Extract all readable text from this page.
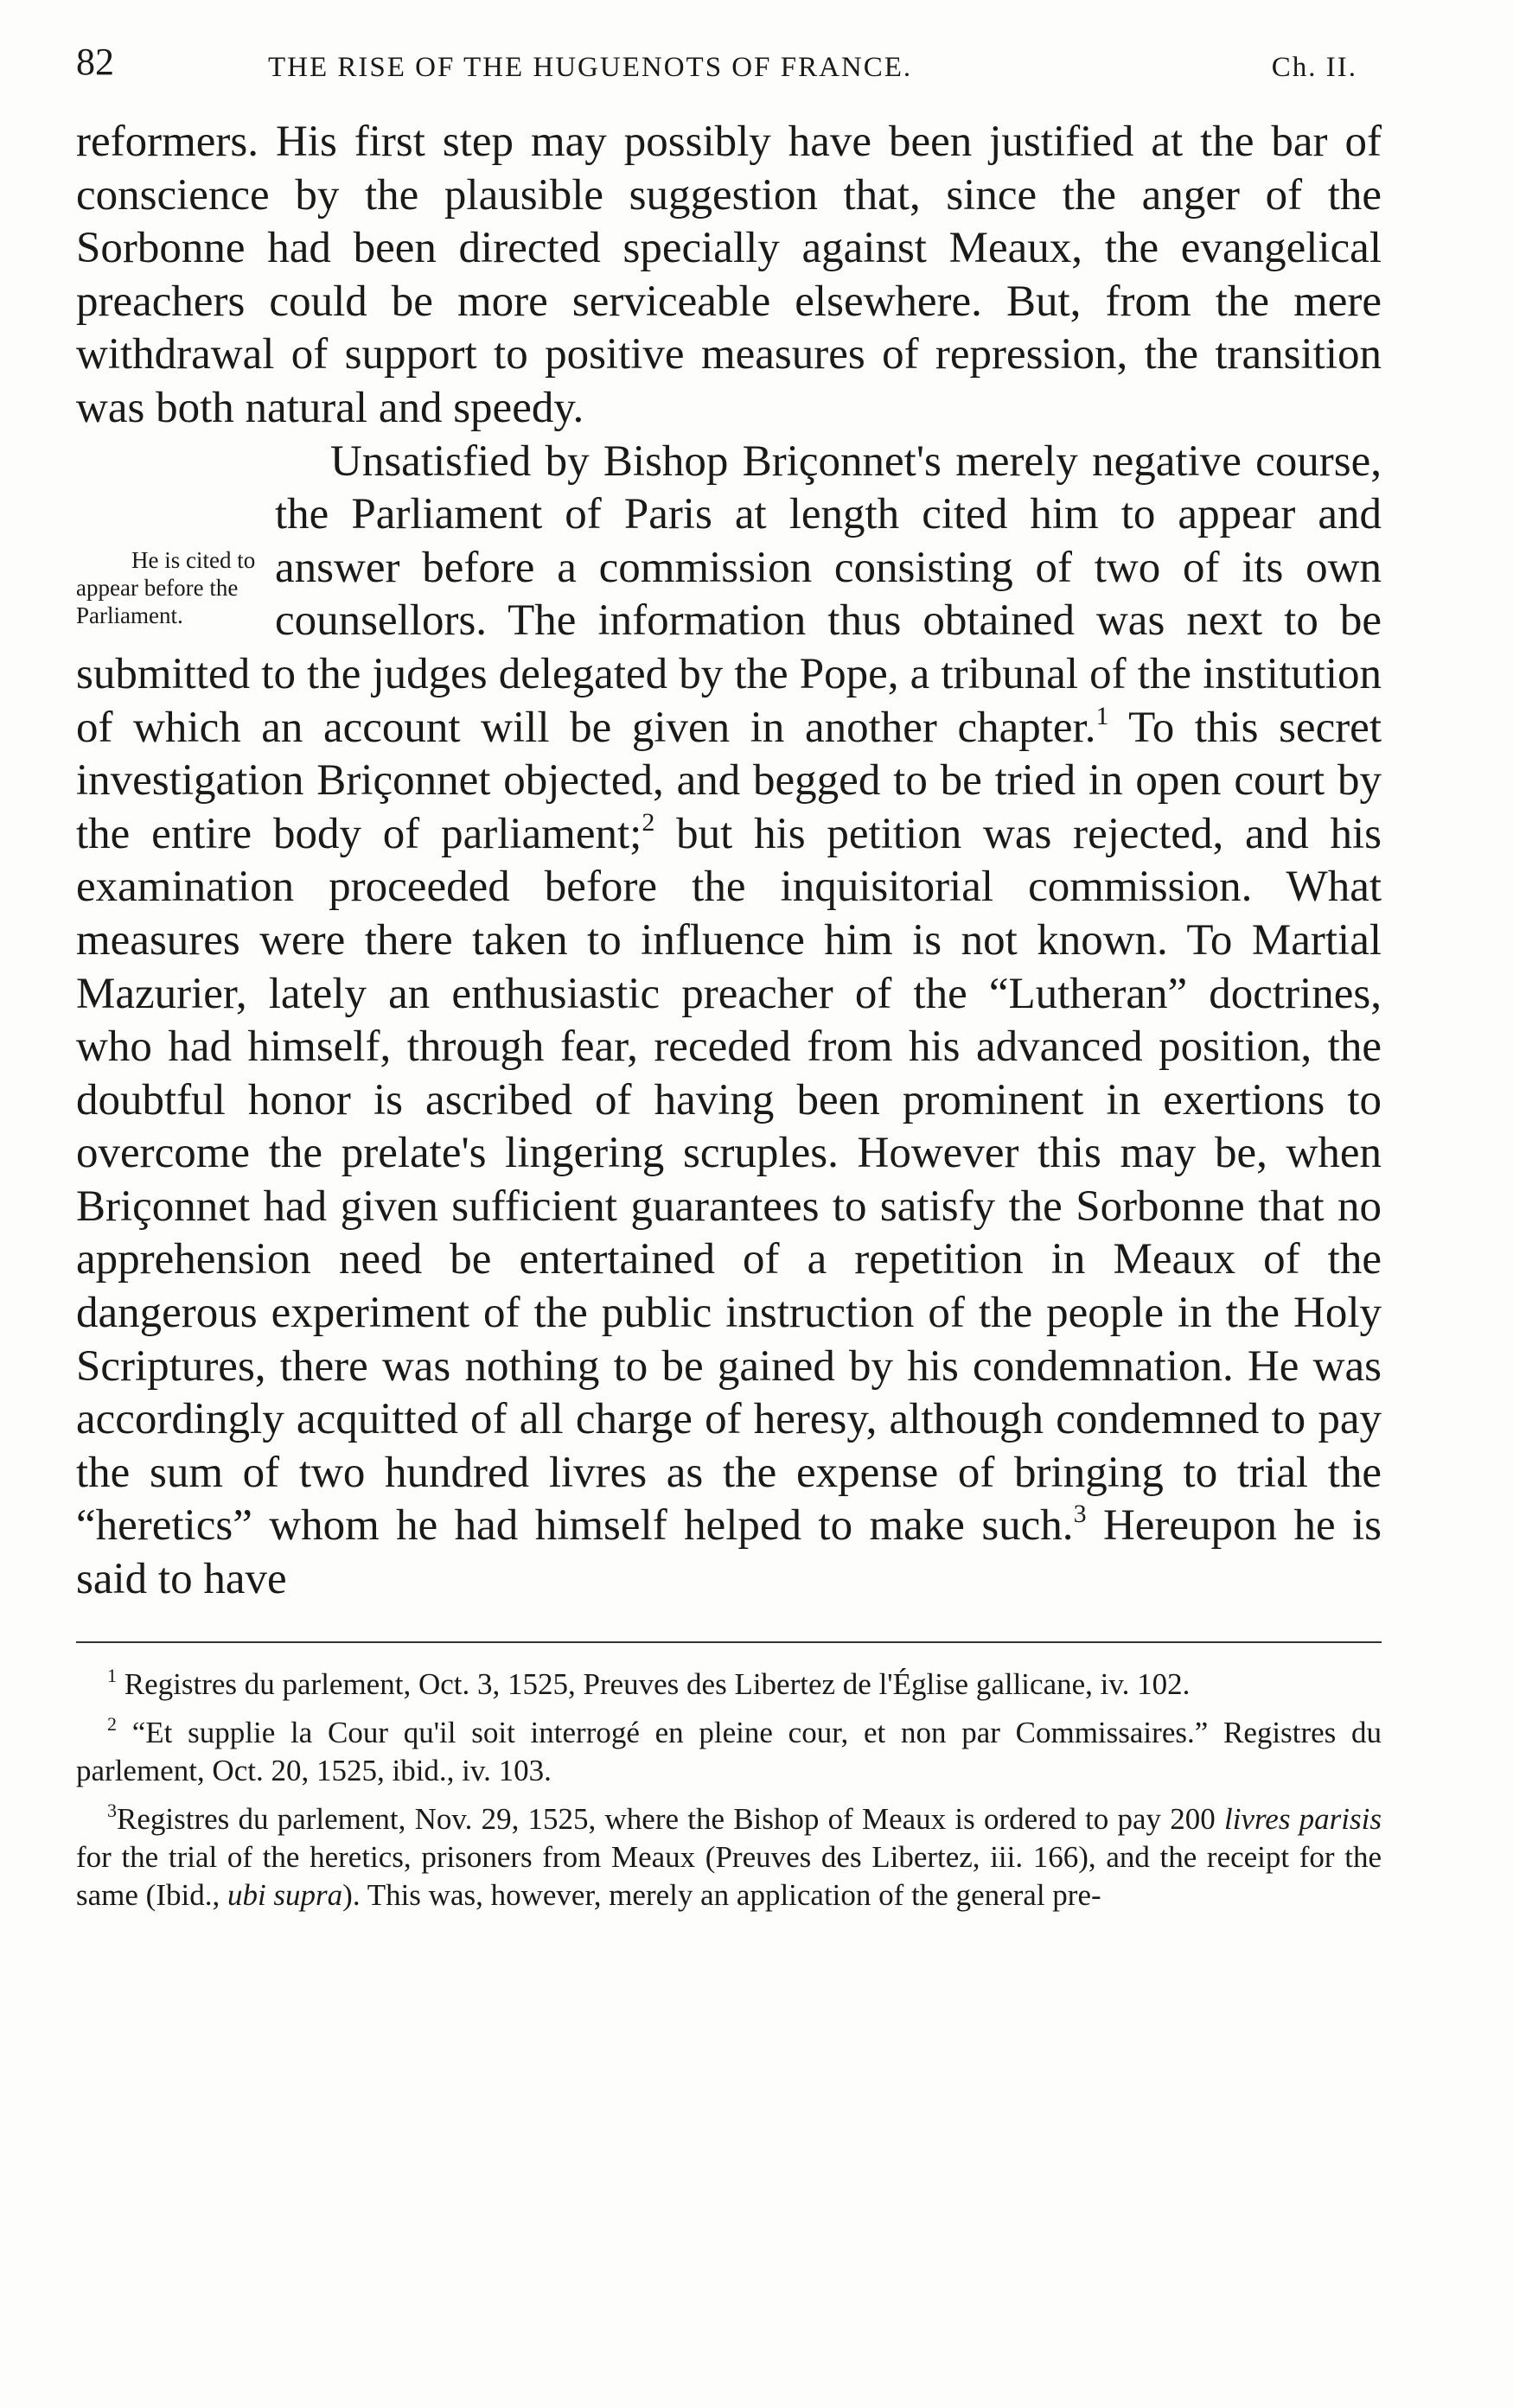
82	THE RISE OF THE HUGUENOTS OF FRANCE.	Ch. II.

reformers. His first step may possibly have been justified at the bar of conscience by the plausible suggestion that, since the anger of the Sorbonne had been directed specially against Meaux, the evangelical preachers could be more serviceable elsewhere. But, from the mere withdrawal of support to positive measures of repression, the transition was both natural and speedy.

He is cited to appear before the Parliament.
Unsatisfied by Bishop Briçonnet's merely negative course, the Parliament of Paris at length cited him to appear and answer before a commission consisting of two of its own counsellors. The information thus obtained was next to be submitted to the judges delegated by the Pope, a tribunal of the institution of which an account will be given in another chapter.$^1$ To this secret investigation Briçonnet objected, and begged to be tried in open court by the entire body of parliament;$^2$ but his petition was rejected, and his examination proceeded before the inquisitorial commission. What measures were there taken to influence him is not known. To Martial Mazurier, lately an enthusiastic preacher of the “Lutheran” doctrines, who had himself, through fear, receded from his advanced position, the doubtful honor is ascribed of having been prominent in exertions to overcome the prelate's lingering scruples. However this may be, when Briçonnet had given sufficient guarantees to satisfy the Sorbonne that no apprehension need be entertained of a repetition in Meaux of the dangerous experiment of the public instruction of the people in the Holy Scriptures, there was nothing to be gained by his condemnation. He was accordingly acquitted of all charge of heresy, although condemned to pay the sum of two hundred livres as the expense of bringing to trial the “heretics” whom he had himself helped to make such.$^3$ Hereupon he is said to have

$^1$ Registres du parlement, Oct. 3, 1525, Preuves des Libertez de l'Église gallicane, iv. 102.

$^2$ “Et supplie la Cour qu'il soit interrogé en pleine cour, et non par Commissaires.” Registres du parlement, Oct. 20, 1525, ibid., iv. 103.

$^3$Registres du parlement, Nov. 29, 1525, where the Bishop of Meaux is ordered to pay 200 livres parisis for the trial of the heretics, prisoners from Meaux (Preuves des Libertez, iii. 166), and the receipt for the same (Ibid., ubi supra). This was, however, merely an application of the general pre-
